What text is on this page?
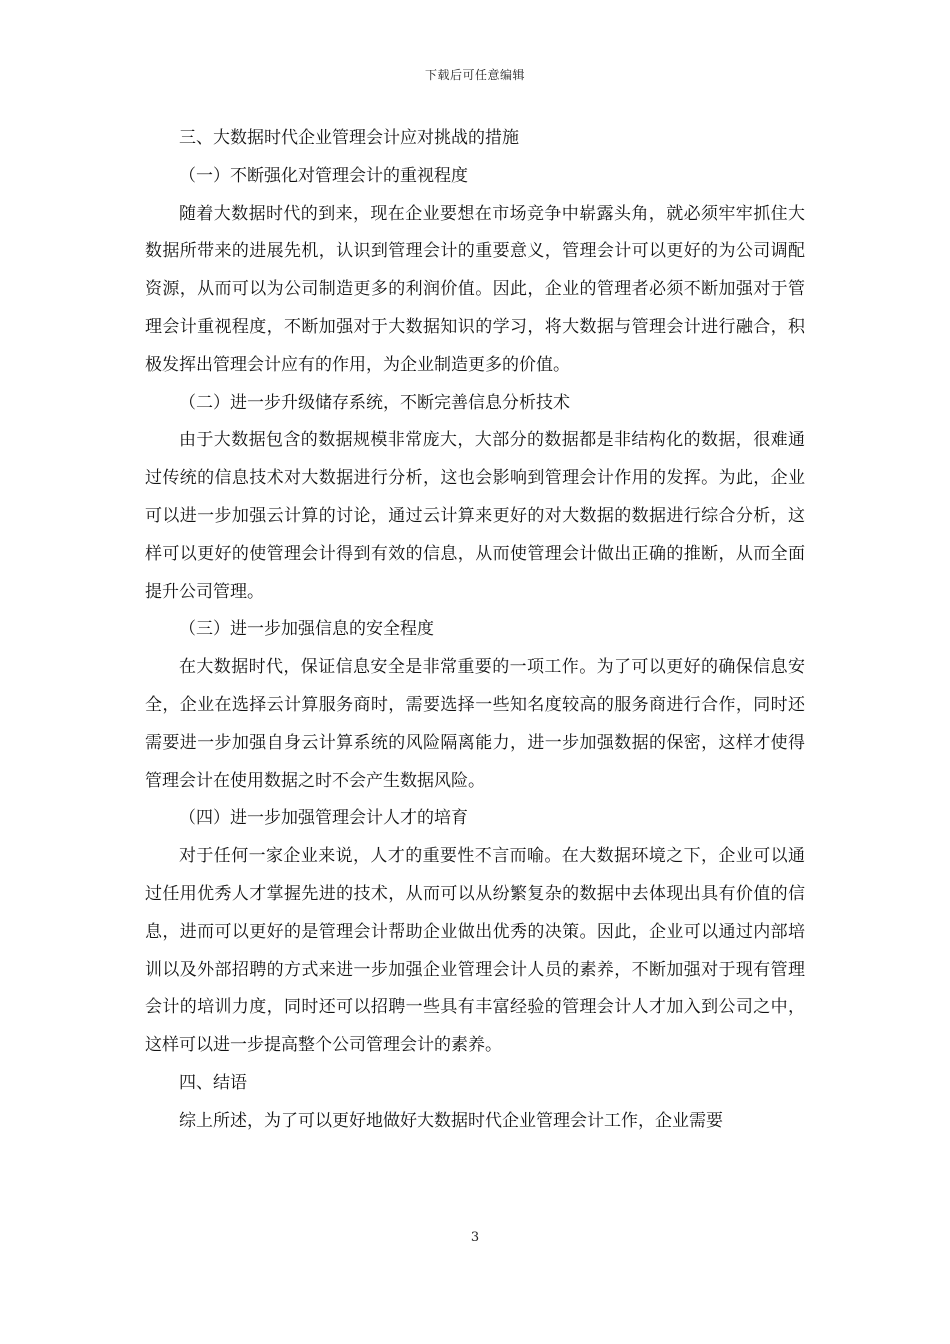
下载后可任意编辑

三、大数据时代企业管理会计应对挑战的措施

（一）不断强化对管理会计的重视程度

随着大数据时代的到来，现在企业要想在市场竞争中崭露头角，就必须牢牢抓住大数据所带来的进展先机，认识到管理会计的重要意义，管理会计可以更好的为公司调配资源，从而可以为公司制造更多的利润价值。因此，企业的管理者必须不断加强对于管理会计重视程度，不断加强对于大数据知识的学习，将大数据与管理会计进行融合，积极发挥出管理会计应有的作用，为企业制造更多的价值。

（二）进一步升级储存系统，不断完善信息分析技术

由于大数据包含的数据规模非常庞大，大部分的数据都是非结构化的数据，很难通过传统的信息技术对大数据进行分析，这也会影响到管理会计作用的发挥。为此，企业可以进一步加强云计算的讨论，通过云计算来更好的对大数据的数据进行综合分析，这样可以更好的使管理会计得到有效的信息，从而使管理会计做出正确的推断，从而全面提升公司管理。

（三）进一步加强信息的安全程度

在大数据时代，保证信息安全是非常重要的一项工作。为了可以更好的确保信息安全，企业在选择云计算服务商时，需要选择一些知名度较高的服务商进行合作，同时还需要进一步加强自身云计算系统的风险隔离能力，进一步加强数据的保密，这样才使得管理会计在使用数据之时不会产生数据风险。

（四）进一步加强管理会计人才的培育

对于任何一家企业来说，人才的重要性不言而喻。在大数据环境之下，企业可以通过任用优秀人才掌握先进的技术，从而可以从纷繁复杂的数据中去体现出具有价值的信息，进而可以更好的是管理会计帮助企业做出优秀的决策。因此，企业可以通过内部培训以及外部招聘的方式来进一步加强企业管理会计人员的素养，不断加强对于现有管理会计的培训力度，同时还可以招聘一些具有丰富经验的管理会计人才加入到公司之中，这样可以进一步提高整个公司管理会计的素养。

四、结语

综上所述，为了可以更好地做好大数据时代企业管理会计工作，企业需要

3
